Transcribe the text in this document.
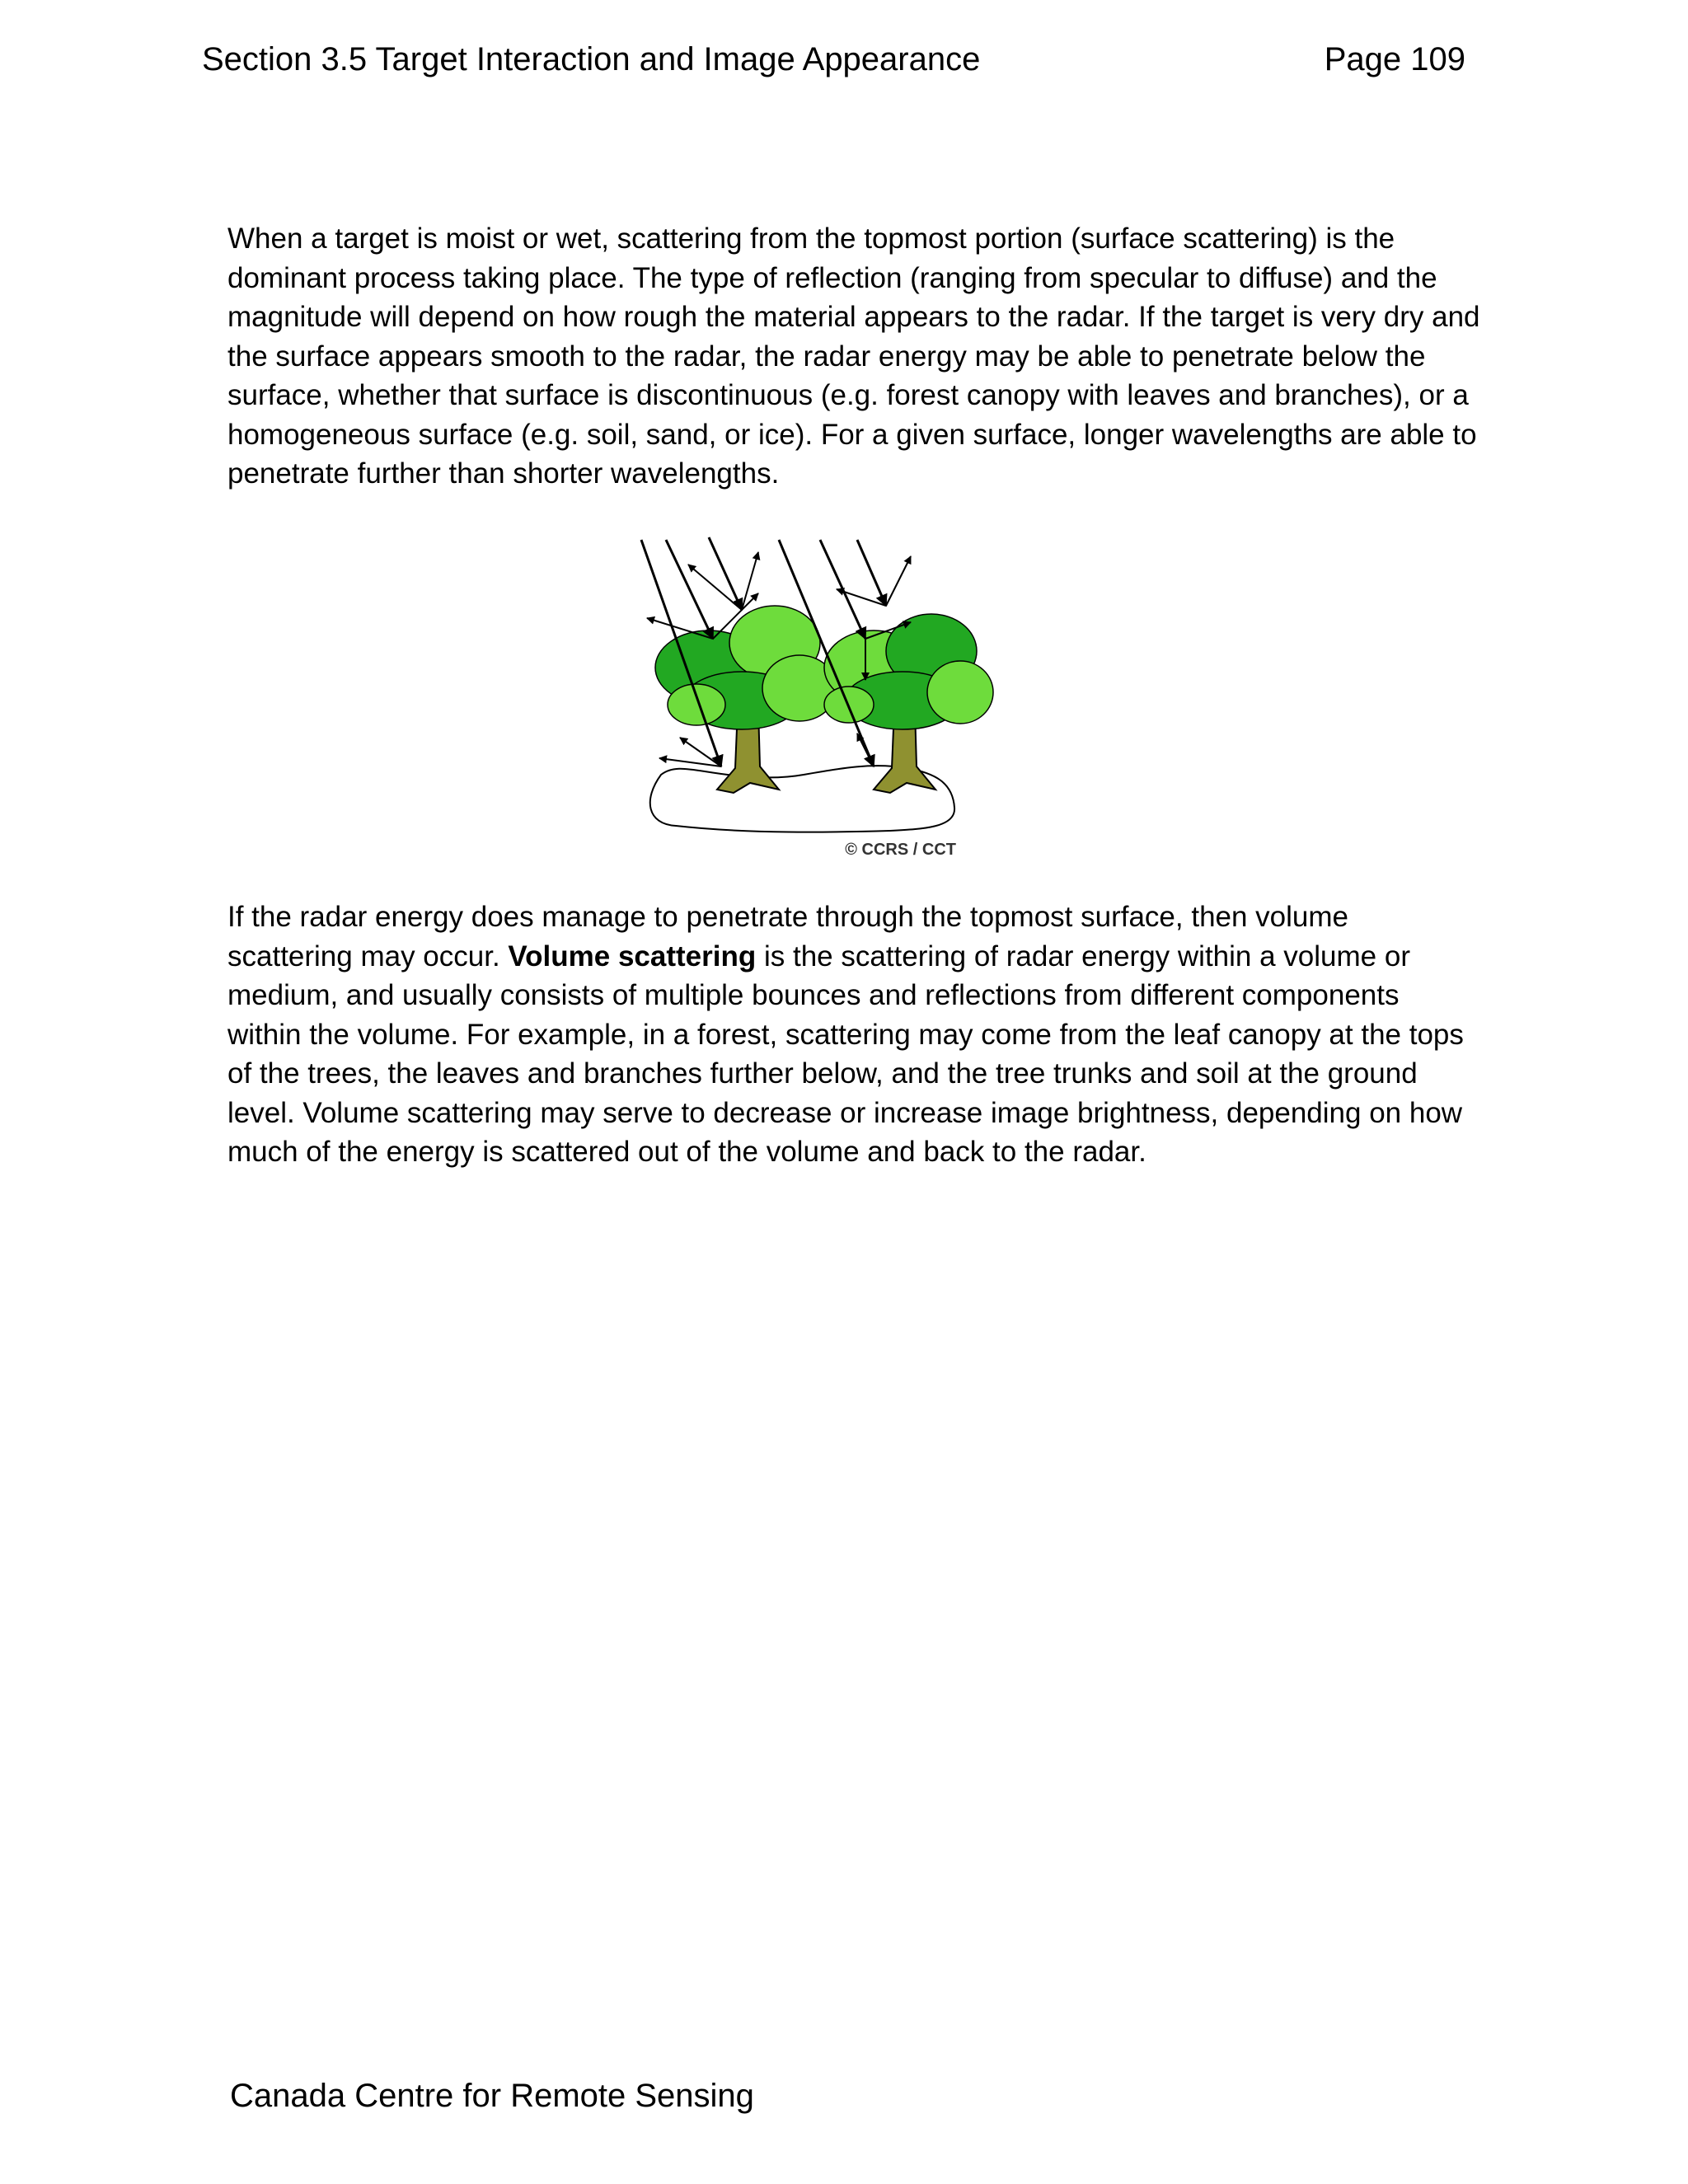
Section 3.5 Target Interaction and Image Appearance	Page 109

When a target is moist or wet, scattering from the topmost portion (surface scattering) is the dominant process taking place. The type of reflection (ranging from specular to diffuse) and the magnitude will depend on how rough the material appears to the radar. If the target is very dry and the surface appears smooth to the radar, the radar energy may be able to penetrate below the surface, whether that surface is discontinuous (e.g. forest canopy with leaves and branches), or a homogeneous surface (e.g. soil, sand, or ice). For a given surface, longer wavelengths are able to penetrate further than shorter wavelengths.

© CCRS / CCT

If the radar energy does manage to penetrate through the topmost surface, then volume scattering may occur. Volume scattering is the scattering of radar energy within a volume or medium, and usually consists of multiple bounces and reflections from different components within the volume. For example, in a forest, scattering may come from the leaf canopy at the tops of the trees, the leaves and branches further below, and the tree trunks and soil at the ground level. Volume scattering may serve to decrease or increase image brightness, depending on how much of the energy is scattered out of the volume and back to the radar.

Canada Centre for Remote Sensing
